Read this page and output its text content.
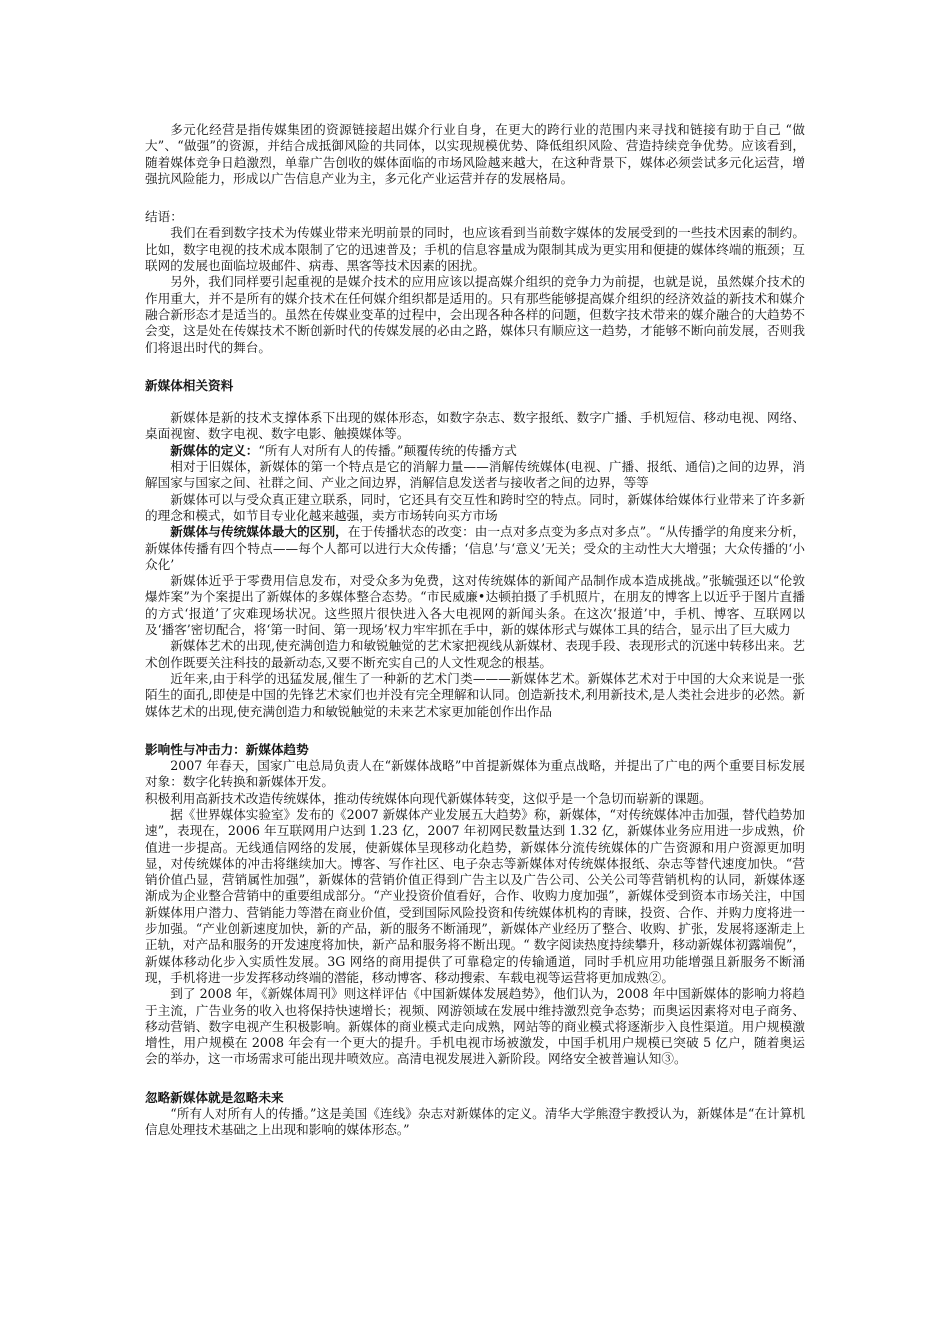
多元化经营是指传媒集团的资源链接超出媒介行业自身，在更大的跨行业的范围内来寻找和链接有助于自己 “做大”、“做强”的资源，并结合成抵御风险的共同体，以实现规模优势、降低组织风险、营造持续竞争优势。应该看到，随着媒体竞争日趋激烈，单靠广告创收的媒体面临的市场风险越来越大，在这种背景下，媒体必须尝试多元化运营，增强抗风险能力，形成以广告信息产业为主，多元化产业运营并存的发展格局。

结语：

我们在看到数字技术为传媒业带来光明前景的同时，也应该看到当前数字媒体的发展受到的一些技术因素的制约。比如，数字电视的技术成本限制了它的迅速普及；手机的信息容量成为限制其成为更实用和便捷的媒体终端的瓶颈；互联网的发展也面临垃圾邮件、病毒、黑客等技术因素的困扰。

另外，我们同样要引起重视的是媒介技术的应用应该以提高媒介组织的竞争力为前提，也就是说，虽然媒介技术的作用重大，并不是所有的媒介技术在任何媒介组织都是适用的。只有那些能够提高媒介组织的经济效益的新技术和媒介融合新形态才是适当的。虽然在传媒业变革的过程中，会出现各种各样的问题，但数字技术带来的媒介融合的大趋势不会变，这是处在传媒技术不断创新时代的传媒发展的必由之路，媒体只有顺应这一趋势，才能够不断向前发展，否则我们将退出时代的舞台。

新媒体相关资料

新媒体是新的技术支撑体系下出现的媒体形态，如数字杂志、数字报纸、数字广播、手机短信、移动电视、网络、桌面视窗、数字电视、数字电影、触摸媒体等。

新媒体的定义：“所有人对所有人的传播。”颠覆传统的传播方式

相对于旧媒体，新媒体的第一个特点是它的消解力量——消解传统媒体(电视、广播、报纸、通信)之间的边界，消解国家与国家之间、社群之间、产业之间边界，消解信息发送者与接收者之间的边界，等等

新媒体可以与受众真正建立联系，同时，它还具有交互性和跨时空的特点。同时，新媒体给媒体行业带来了许多新的理念和模式，如节目专业化越来越强，卖方市场转向买方市场

新媒体与传统媒体最大的区别，在于传播状态的改变：由一点对多点变为多点对多点”。“从传播学的角度来分析，新媒体传播有四个特点——每个人都可以进行大众传播；‘信息’与‘意义’无关；受众的主动性大大增强；大众传播的‘小众化’

新媒体近乎于零费用信息发布，对受众多为免费，这对传统媒体的新闻产品制作成本造成挑战。”张毓强还以“伦敦爆炸案”为个案提出了新媒体的多媒体整合态势。“市民威廉•达顿拍摄了手机照片，在朋友的博客上以近乎于图片直播的方式‘报道’了灾难现场状况。这些照片很快进入各大电视网的新闻头条。在这次‘报道’中，手机、博客、互联网以及‘播客’密切配合，将‘第一时间、第一现场’权力牢牢抓在手中，新的媒体形式与媒体工具的结合，显示出了巨大威力

新媒体艺术的出现,使充满创造力和敏锐触觉的艺术家把视线从新媒材、表现手段、表现形式的沉迷中转移出来。艺术创作既要关注科技的最新动态,又要不断充实自己的人文性观念的根基。

近年来,由于科学的迅猛发展,催生了一种新的艺术门类———新媒体艺术。新媒体艺术对于中国的大众来说是一张陌生的面孔,即使是中国的先锋艺术家们也并没有完全理解和认同。创造新技术,利用新技术,是人类社会进步的必然。新媒体艺术的出现,使充满创造力和敏锐触觉的未来艺术家更加能创作出作品

影响性与冲击力：新媒体趋势

2007 年春天，国家广电总局负责人在“新媒体战略”中首提新媒体为重点战略，并提出了广电的两个重要目标发展对象：数字化转换和新媒体开发。

积极利用高新技术改造传统媒体，推动传统媒体向现代新媒体转变，这似乎是一个急切而崭新的课题。

据《世界媒体实验室》发布的《2007 新媒体产业发展五大趋势》称，新媒体，“对传统媒体冲击加强，替代趋势加速”，表现在，2006 年互联网用户达到 1.23 亿，2007 年初网民数量达到 1.32 亿，新媒体业务应用进一步成熟，价值进一步提高。无线通信网络的发展，使新媒体呈现移动化趋势，新媒体分流传统媒体的广告资源和用户资源更加明显，对传统媒体的冲击将继续加大。博客、写作社区、电子杂志等新媒体对传统媒体报纸、杂志等替代速度加快。“营销价值凸显，营销属性加强”，新媒体的营销价值正得到广告主以及广告公司、公关公司等营销机构的认同，新媒体逐渐成为企业整合营销中的重要组成部分。“产业投资价值看好，合作、收购力度加强”，新媒体受到资本市场关注，中国新媒体用户潜力、营销能力等潜在商业价值，受到国际风险投资和传统媒体机构的青睐，投资、合作、并购力度将进一步加强。“产业创新速度加快，新的产品，新的服务不断涌现”，新媒体产业经历了整合、收购、扩张，发展将逐渐走上正轨，对产品和服务的开发速度将加快，新产品和服务将不断出现。“ 数字阅读热度持续攀升，移动新媒体初露端倪”，新媒体移动化步入实质性发展。3G 网络的商用提供了可靠稳定的传输通道，同时手机应用功能增强且新服务不断涌现，手机将进一步发挥移动终端的潜能，移动博客、移动搜索、车载电视等运营将更加成熟②。

到了 2008 年，《新媒体周刊》则这样评估《中国新媒体发展趋势》，他们认为，2008 年中国新媒体的影响力将趋于主流，广告业务的收入也将保持快速增长；视频、网游领域在发展中维持激烈竞争态势；而奥运因素将对电子商务、移动营销、数字电视产生积极影响。新媒体的商业模式走向成熟，网站等的商业模式将逐渐步入良性渠道。用户规模激增性，用户规模在 2008 年会有一个更大的提升。手机电视市场被激发，中国手机用户规模已突破 5 亿户，随着奥运会的举办，这一市场需求可能出现井喷效应。高清电视发展进入新阶段。网络安全被普遍认知③。

忽略新媒体就是忽略未来

“所有人对所有人的传播。”这是美国《连线》杂志对新媒体的定义。清华大学熊澄宇教授认为，新媒体是“在计算机信息处理技术基础之上出现和影响的媒体形态。”
